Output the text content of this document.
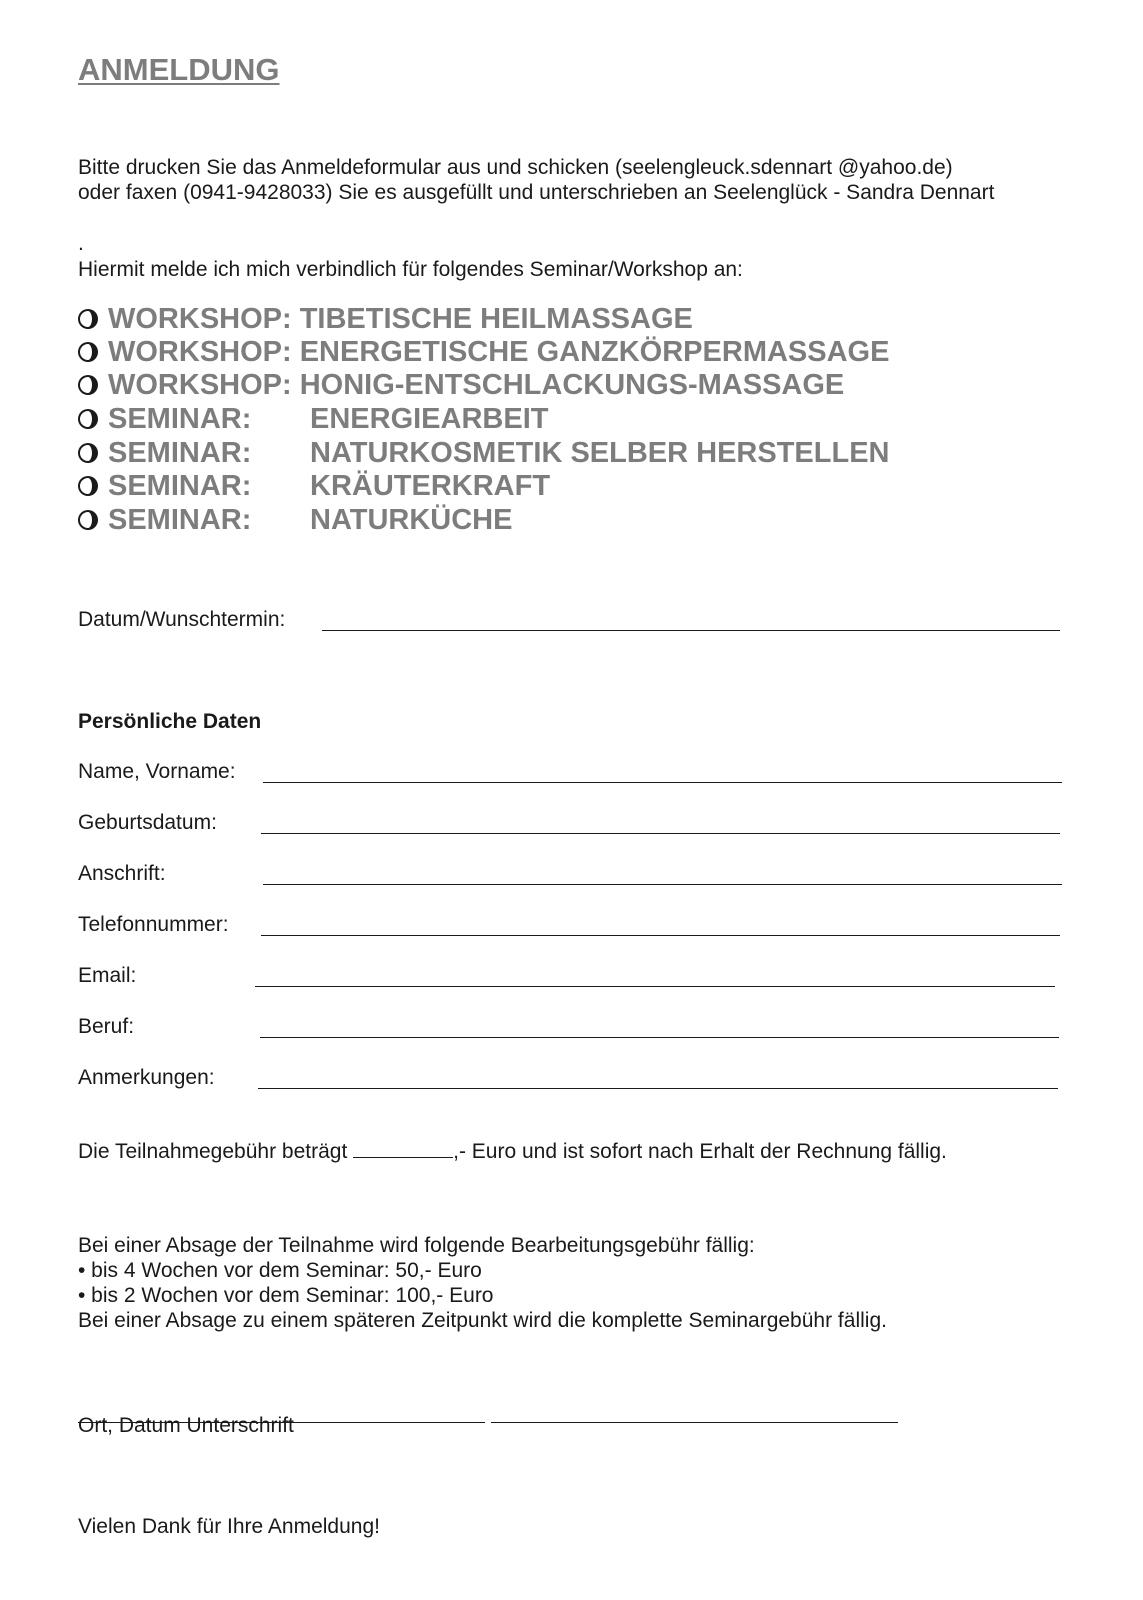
ANMELDUNG
Bitte drucken Sie das Anmeldeformular aus und schicken (seelengleuck.sdennart @yahoo.de)
oder faxen (0941-9428033) Sie es ausgefüllt und unterschrieben an Seelenglück - Sandra Dennart
.
Hiermit melde ich mich verbindlich für folgendes Seminar/Workshop an:
WORKSHOP: TIBETISCHE HEILMASSAGE
WORKSHOP: ENERGETISCHE GANZKÖRPERMASSAGE
WORKSHOP: HONIG-ENTSCHLACKUNGS-MASSAGE
SEMINAR:	ENERGIEARBEIT
SEMINAR:	NATURKOSMETIK SELBER HERSTELLEN
SEMINAR:	KRÄUTERKRAFT
SEMINAR:	NATURKÜCHE
Datum/Wunschtermin:
Persönliche Daten
Name, Vorname:
Geburtsdatum:
Anschrift:
Telefonnummer:
Email:
Beruf:
Anmerkungen:
Die Teilnahmegebühr beträgt	,- Euro und ist sofort nach Erhalt der Rechnung fällig.
Bei einer Absage der Teilnahme wird folgende Bearbeitungsgebühr fällig:
• bis 4 Wochen vor dem Seminar: 50,- Euro
• bis 2 Wochen vor dem Seminar: 100,- Euro
Bei einer Absage zu einem späteren Zeitpunkt wird die komplette Seminargebühr fällig.
Ort, Datum Unterschrift
Vielen Dank für Ihre Anmeldung!
